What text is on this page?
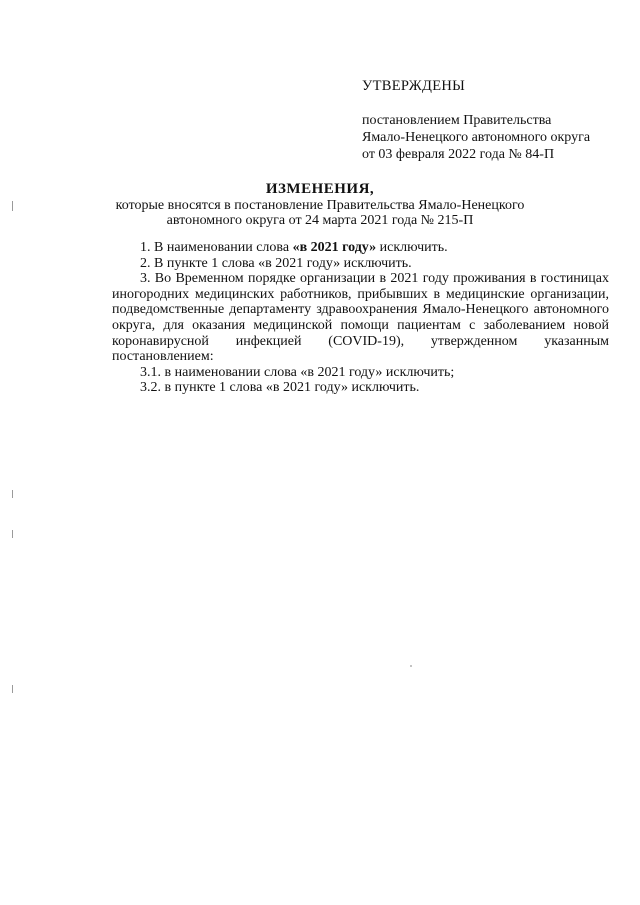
УТВЕРЖДЕНЫ
постановлением Правительства
Ямало-Ненецкого автономного округа
от 03 февраля 2022 года № 84-П
ИЗМЕНЕНИЯ,
которые вносятся в постановление Правительства Ямало-Ненецкого
автономного округа от 24 марта 2021 года № 215-П

1. В наименовании слова «в 2021 году» исключить.

2. В пункте 1 слова «в 2021 году» исключить.

3. Во Временном порядке организации в 2021 году проживания в гостиницах иногородних медицинских работников, прибывших в медицинские организации, подведомственные департаменту здравоохранения Ямало-Ненецкого автономного округа, для оказания медицинской помощи пациентам с заболеванием новой коронавирусной инфекцией (COVID-19), утвержденном указанным постановлением:

3.1. в наименовании слова «в 2021 году» исключить;

3.2. в пункте 1 слова «в 2021 году» исключить.
